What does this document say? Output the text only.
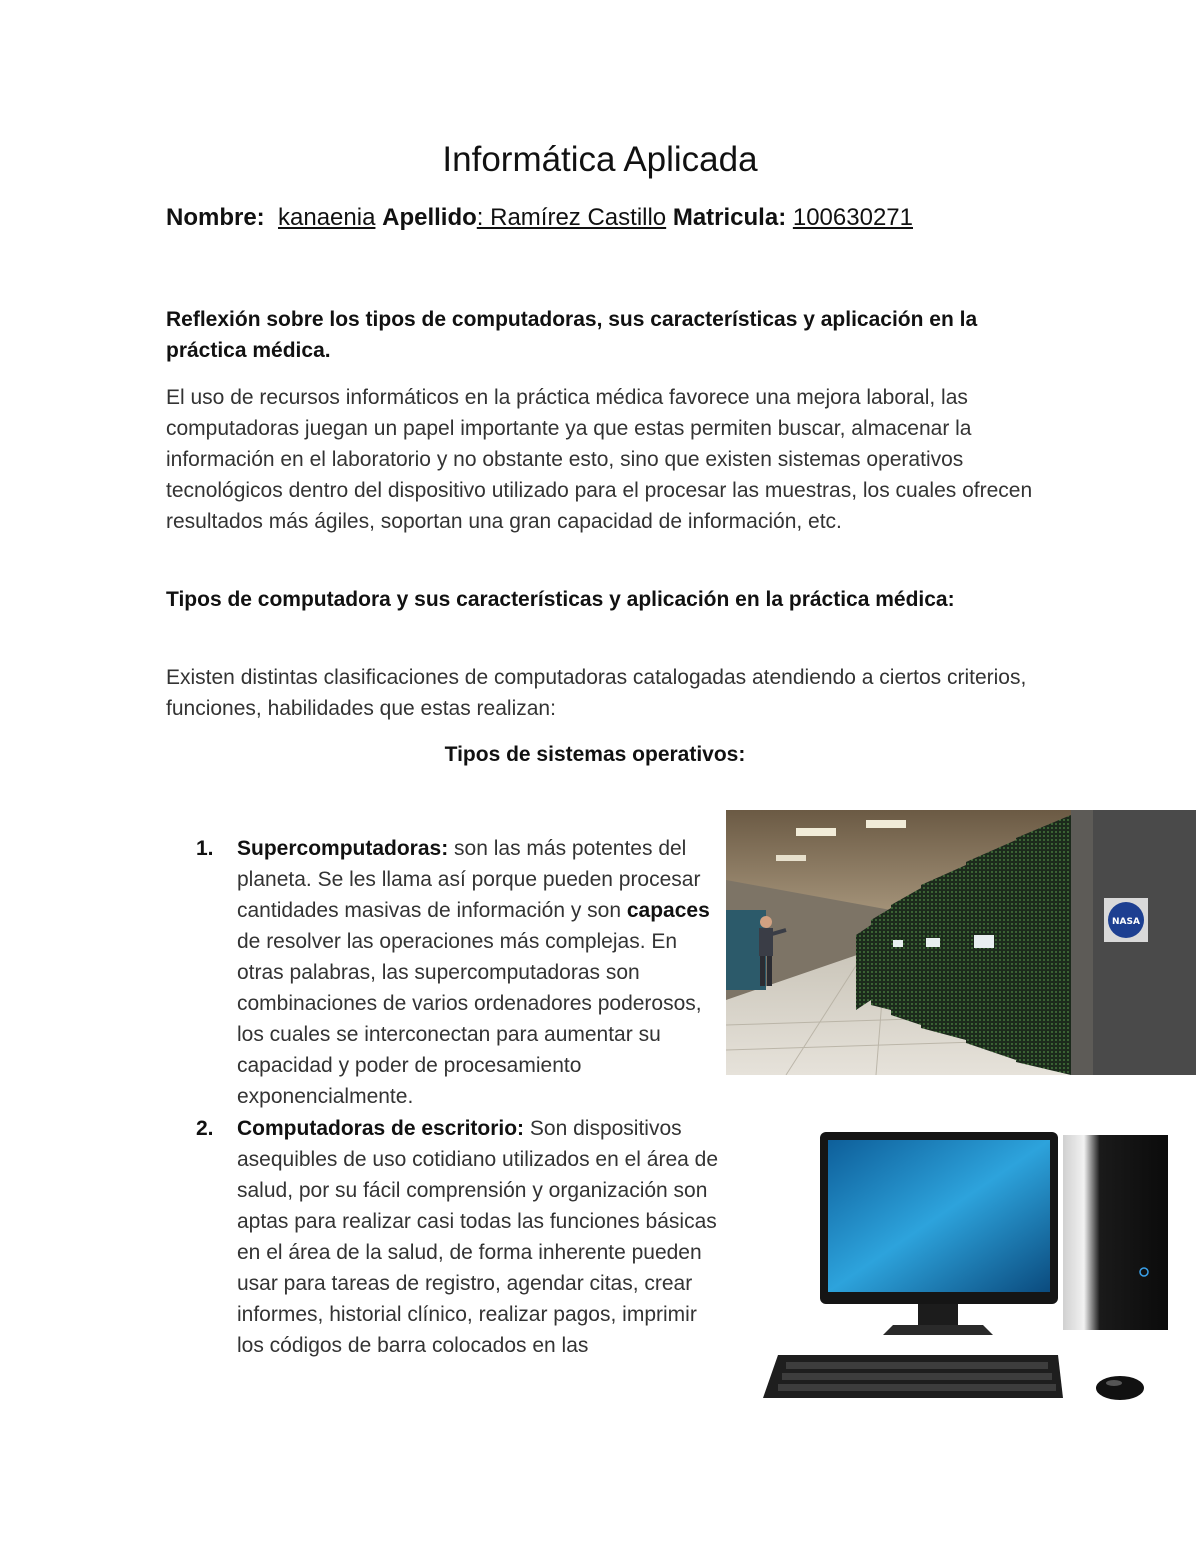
Informática Aplicada
Nombre: kanaenia Apellido: Ramírez Castillo Matricula: 100630271
Reflexión sobre los tipos de computadoras, sus características y aplicación en la práctica médica.
El uso de recursos informáticos en la práctica médica favorece una mejora laboral, las computadoras juegan un papel importante ya que estas permiten buscar, almacenar la información en el laboratorio y no obstante esto, sino que existen sistemas operativos tecnológicos dentro del dispositivo utilizado para el procesar las muestras, los cuales ofrecen resultados más ágiles, soportan una gran capacidad de información, etc.
Tipos de computadora y sus características y aplicación en la práctica médica:
Existen distintas clasificaciones de computadoras catalogadas atendiendo a ciertos criterios, funciones, habilidades que estas realizan:
Tipos de sistemas operativos:
1. Supercomputadoras: son las más potentes del planeta. Se les llama así porque pueden procesar cantidades masivas de información y son capaces de resolver las operaciones más complejas. En otras palabras, las supercomputadoras son combinaciones de varios ordenadores poderosos, los cuales se interconectan para aumentar su capacidad y poder de procesamiento exponencialmente.
2. Computadoras de escritorio: Son dispositivos asequibles de uso cotidiano utilizados en el área de salud, por su fácil comprensión y organización son aptas para realizar casi todas las funciones básicas en el área de la salud, de forma inherente pueden usar para tareas de registro, agendar citas, crear informes, historial clínico, realizar pagos, imprimir los códigos de barra colocados en las
NASA
